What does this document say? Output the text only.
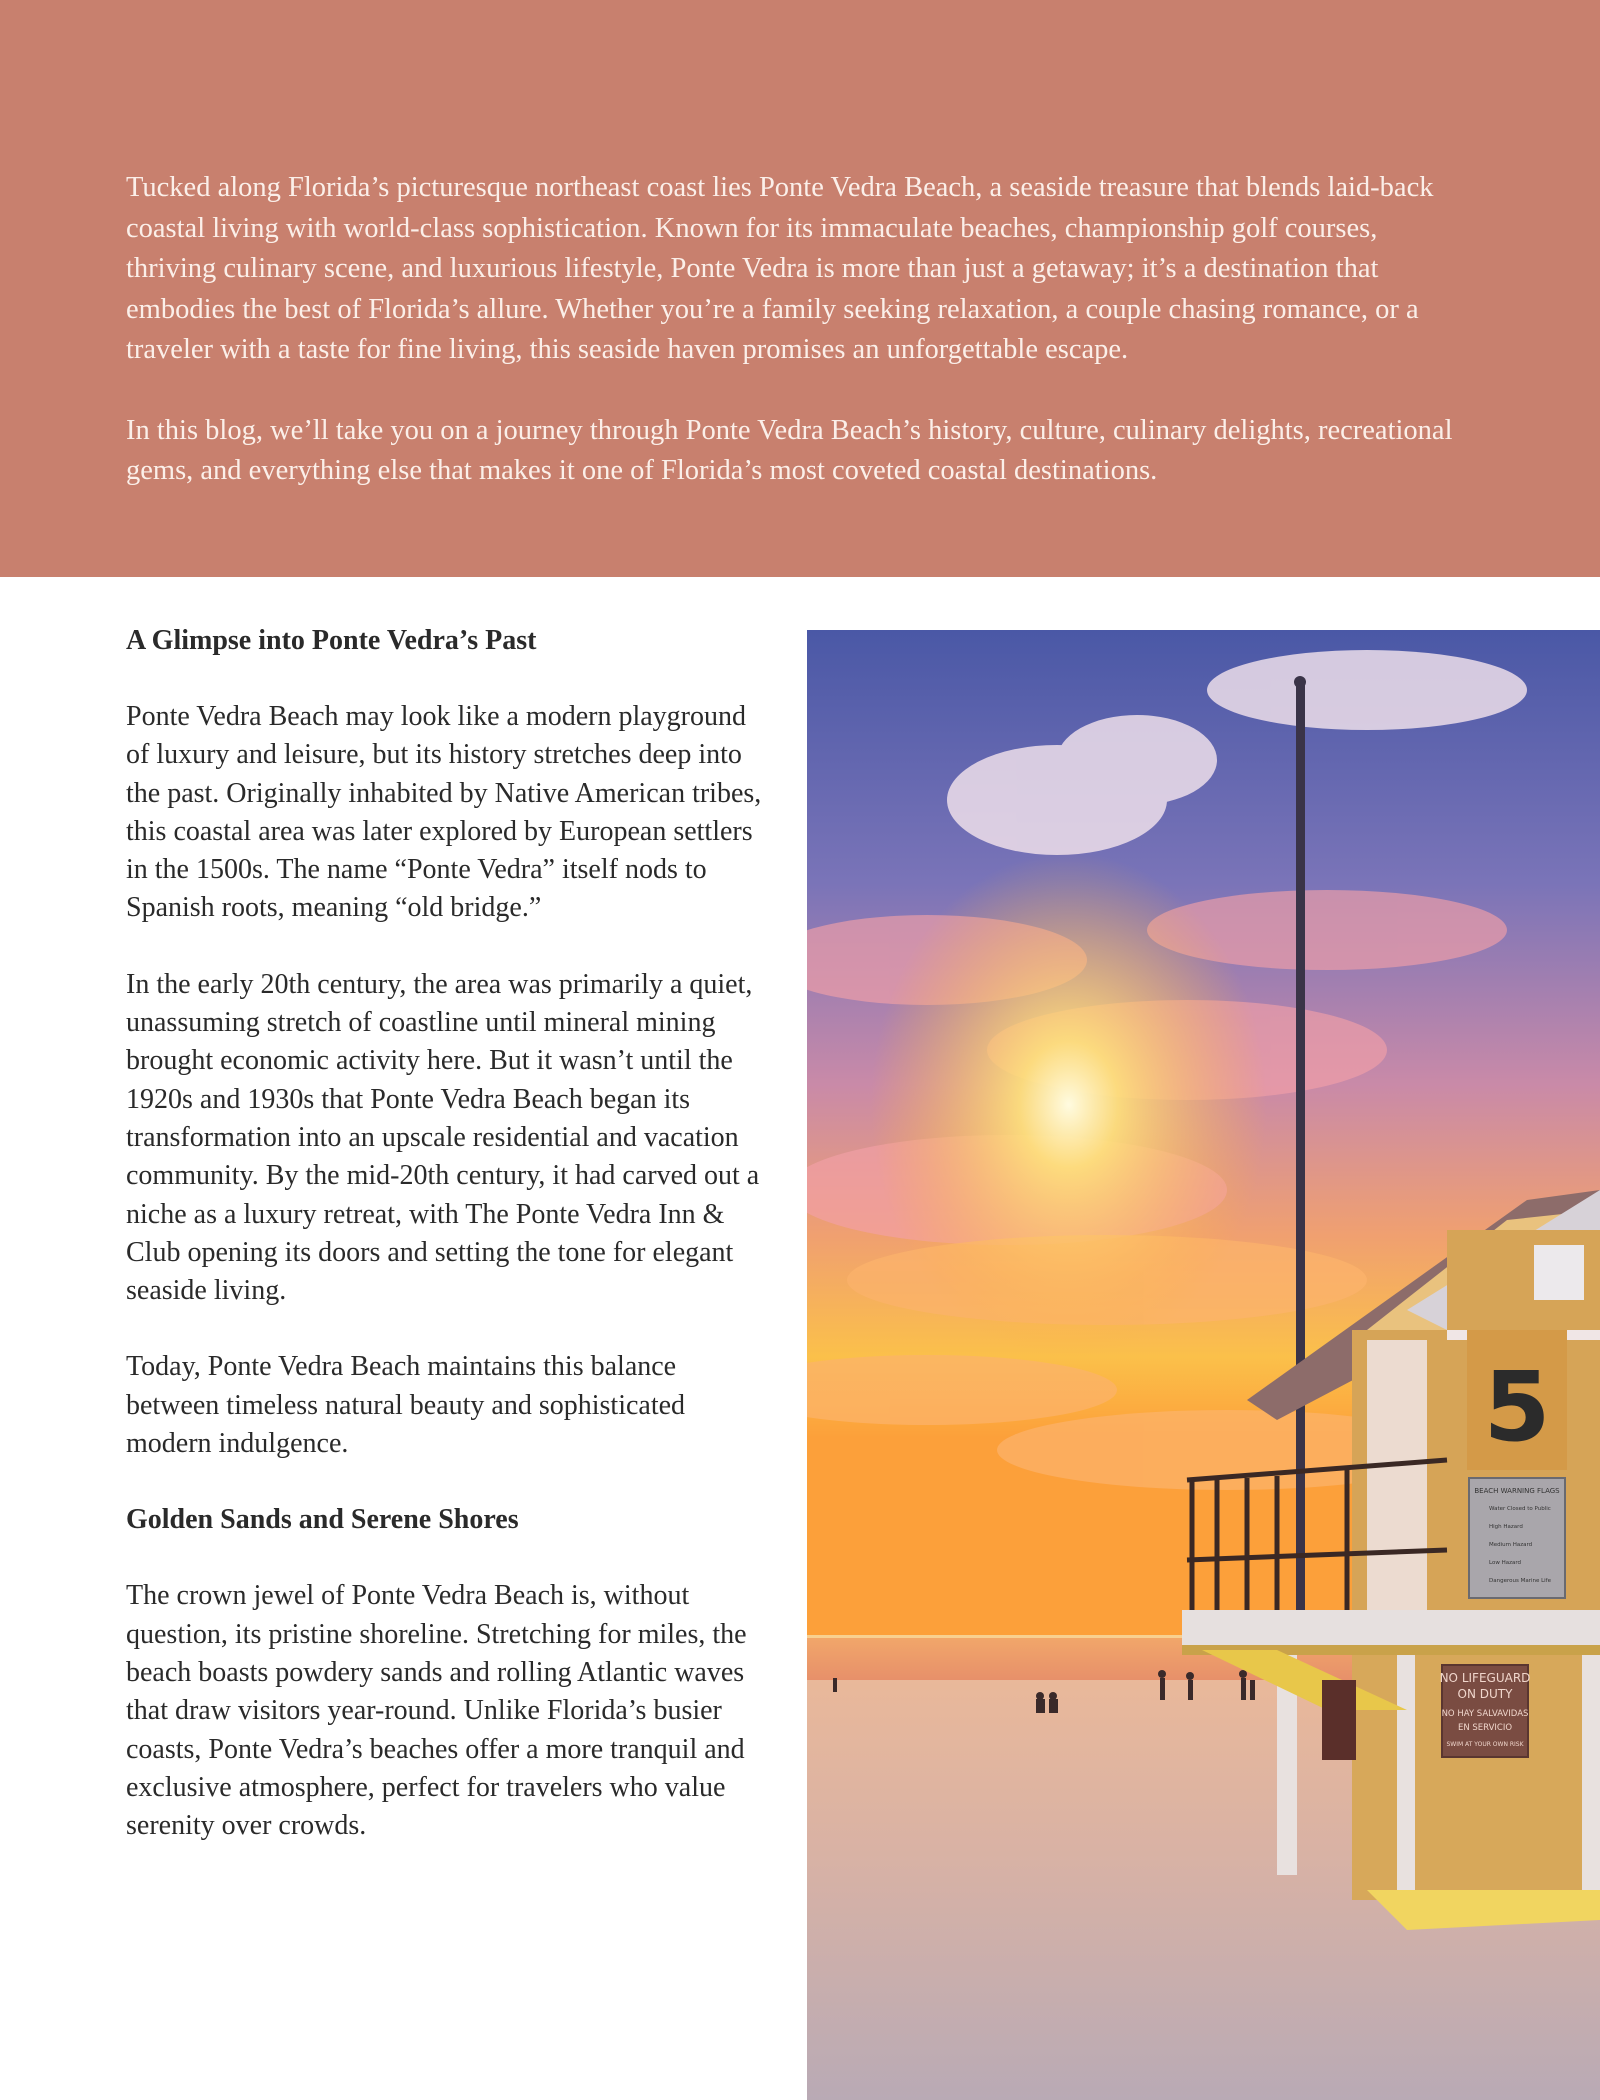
Tucked along Florida’s picturesque northeast coast lies Ponte Vedra Beach, a seaside treasure that blends laid-back coastal living with world-class sophistication. Known for its immaculate beaches, championship golf courses, thriving culinary scene, and luxurious lifestyle, Ponte Vedra is more than just a getaway; it’s a destination that embodies the best of Florida’s allure. Whether you’re a family seeking relaxation, a couple chasing romance, or a traveler with a taste for fine living, this seaside haven promises an unforgettable escape.

In this blog, we’ll take you on a journey through Ponte Vedra Beach’s history, culture, culinary delights, recreational gems, and everything else that makes it one of Florida’s most coveted coastal destinations.

A Glimpse into Ponte Vedra’s Past

Ponte Vedra Beach may look like a modern playground of luxury and leisure, but its history stretches deep into the past. Originally inhabited by Native American tribes, this coastal area was later explored by European settlers in the 1500s. The name “Ponte Vedra” itself nods to Spanish roots, meaning “old bridge.”

In the early 20th century, the area was primarily a quiet, unassuming stretch of coastline until mineral mining brought economic activity here. But it wasn’t until the 1920s and 1930s that Ponte Vedra Beach began its transformation into an upscale residential and vacation community. By the mid-20th century, it had carved out a niche as a luxury retreat, with The Ponte Vedra Inn & Club opening its doors and setting the tone for elegant seaside living.

Today, Ponte Vedra Beach maintains this balance between timeless natural beauty and sophisticated modern indulgence.

Golden Sands and Serene Shores

The crown jewel of Ponte Vedra Beach is, without question, its pristine shoreline. Stretching for miles, the beach boasts powdery sands and rolling Atlantic waves that draw visitors year-round. Unlike Florida’s busier coasts, Ponte Vedra’s beaches offer a more tranquil and exclusive atmosphere, perfect for travelers who value serenity over crowds.

5
BEACH WARNING FLAGS
Water Closed to Public
High Hazard
Medium Hazard
Low Hazard
Dangerous Marine Life
NO LIFEGUARD
ON DUTY
NO HAY SALVAVIDAS
EN SERVICIO
SWIM AT YOUR OWN RISK
